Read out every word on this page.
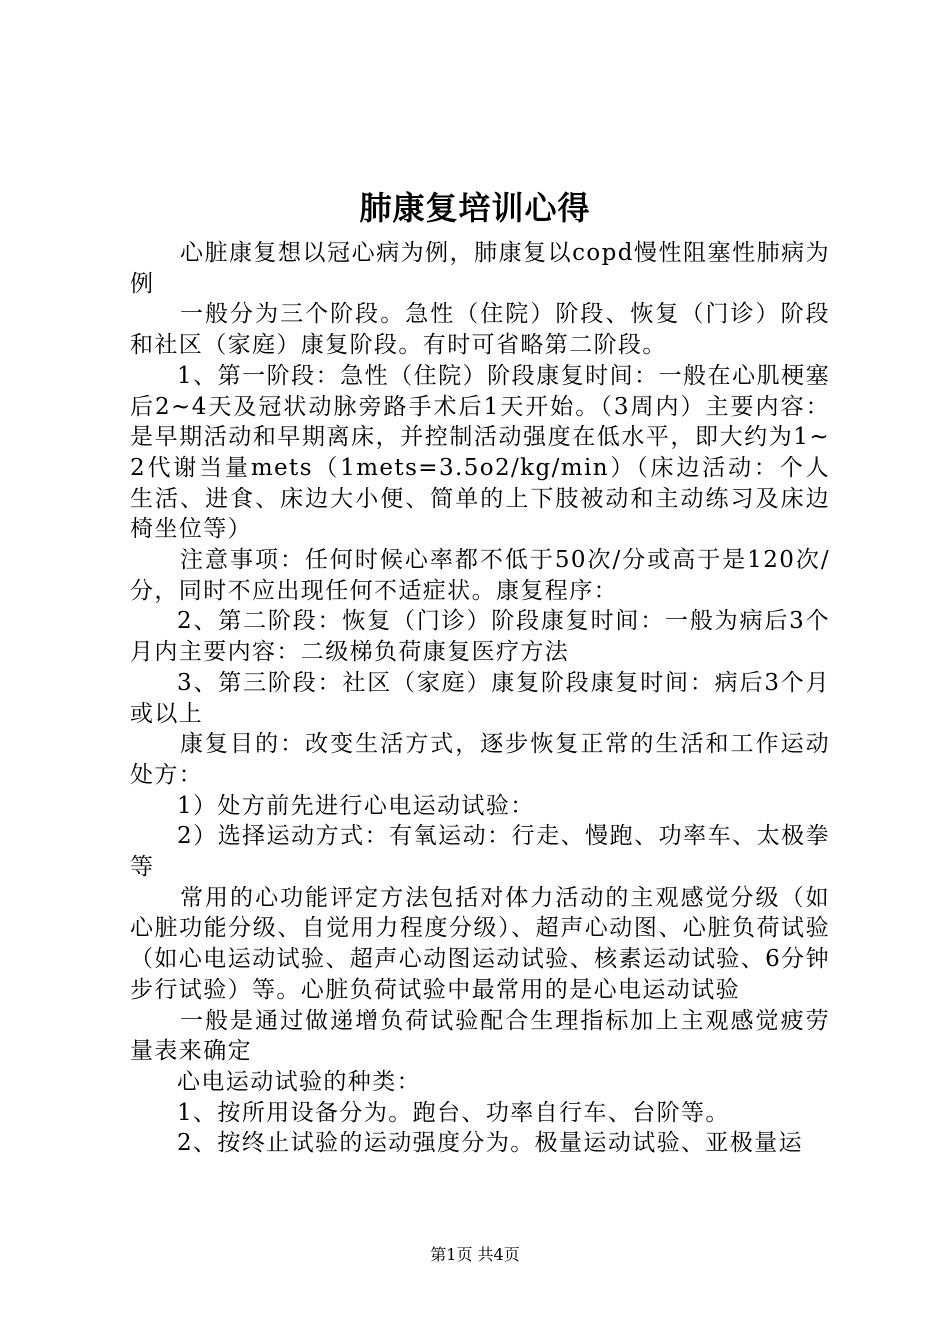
肺康复培训心得

心脏康复想以冠心病为例，肺康复以copd慢性阻塞性肺病为例

一般分为三个阶段。急性（住院）阶段、恢复（门诊）阶段和社区（家庭）康复阶段。有时可省略第二阶段。

1、第一阶段：急性（住院）阶段康复时间：一般在心肌梗塞后2~4天及冠状动脉旁路手术后1天开始。（3周内）主要内容：是早期活动和早期离床，并控制活动强度在低水平，即大约为1~2代谢当量mets（1mets=3.5o2/kg/min）（床边活动：个人生活、进食、床边大小便、简单的上下肢被动和主动练习及床边椅坐位等）

注意事项：任何时候心率都不低于50次/分或高于是120次/分，同时不应出现任何不适症状。康复程序：

2、第二阶段：恢复（门诊）阶段康复时间：一般为病后3个月内主要内容：二级梯负荷康复医疗方法

3、第三阶段：社区（家庭）康复阶段康复时间：病后3个月或以上

康复目的：改变生活方式，逐步恢复正常的生活和工作运动处方：

1）处方前先进行心电运动试验：

2）选择运动方式：有氧运动：行走、慢跑、功率车、太极拳等

常用的心功能评定方法包括对体力活动的主观感觉分级（如心脏功能分级、自觉用力程度分级）、超声心动图、心脏负荷试验（如心电运动试验、超声心动图运动试验、核素运动试验、6分钟步行试验）等。心脏负荷试验中最常用的是心电运动试验

一般是通过做递增负荷试验配合生理指标加上主观感觉疲劳量表来确定

心电运动试验的种类：

1、按所用设备分为。跑台、功率自行车、台阶等。

2、按终止试验的运动强度分为。极量运动试验、亚极量运

第1页 共4页
